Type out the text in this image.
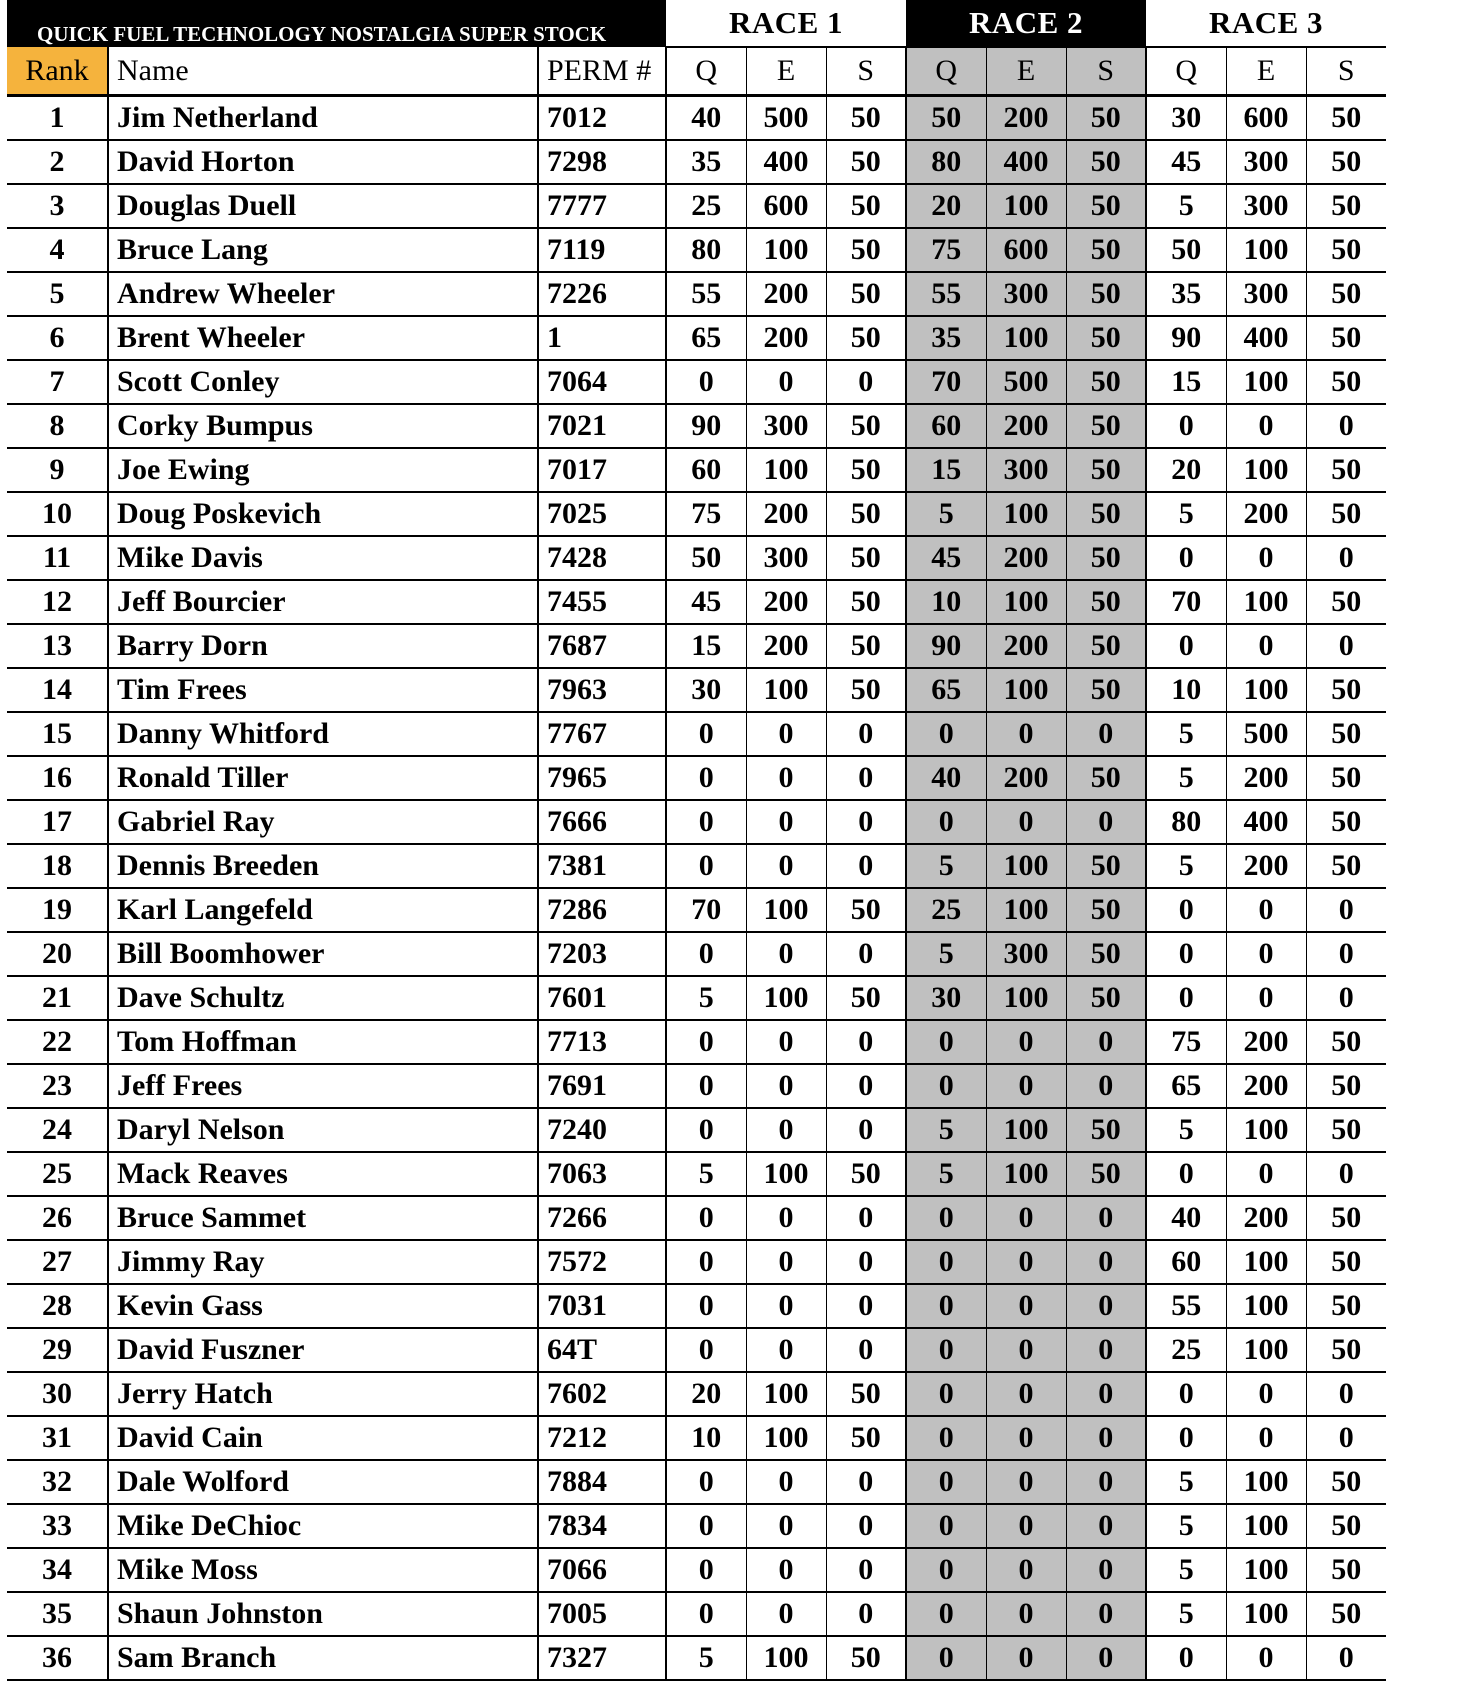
QUICK FUEL TECHNOLOGY NOSTALGIA SUPER STOCK			RACE 1			RACE 2			RACE 3		
Rank	Name	PERM #	Q	E	S	Q	E	S	Q	E	S
1	Jim Netherland	7012	40	500	50	50	200	50	30	600	50
2	David Horton	7298	35	400	50	80	400	50	45	300	50
3	Douglas Duell	7777	25	600	50	20	100	50	5	300	50
4	Bruce Lang	7119	80	100	50	75	600	50	50	100	50
5	Andrew Wheeler	7226	55	200	50	55	300	50	35	300	50
6	Brent Wheeler	1	65	200	50	35	100	50	90	400	50
7	Scott Conley	7064	0	0	0	70	500	50	15	100	50
8	Corky Bumpus	7021	90	300	50	60	200	50	0	0	0
9	Joe Ewing	7017	60	100	50	15	300	50	20	100	50
10	Doug Poskevich	7025	75	200	50	5	100	50	5	200	50
11	Mike Davis	7428	50	300	50	45	200	50	0	0	0
12	Jeff Bourcier	7455	45	200	50	10	100	50	70	100	50
13	Barry Dorn	7687	15	200	50	90	200	50	0	0	0
14	Tim Frees	7963	30	100	50	65	100	50	10	100	50
15	Danny Whitford	7767	0	0	0	0	0	0	5	500	50
16	Ronald Tiller	7965	0	0	0	40	200	50	5	200	50
17	Gabriel Ray	7666	0	0	0	0	0	0	80	400	50
18	Dennis Breeden	7381	0	0	0	5	100	50	5	200	50
19	Karl Langefeld	7286	70	100	50	25	100	50	0	0	0
20	Bill Boomhower	7203	0	0	0	5	300	50	0	0	0
21	Dave Schultz	7601	5	100	50	30	100	50	0	0	0
22	Tom Hoffman	7713	0	0	0	0	0	0	75	200	50
23	Jeff Frees	7691	0	0	0	0	0	0	65	200	50
24	Daryl Nelson	7240	0	0	0	5	100	50	5	100	50
25	Mack Reaves	7063	5	100	50	5	100	50	0	0	0
26	Bruce Sammet	7266	0	0	0	0	0	0	40	200	50
27	Jimmy Ray	7572	0	0	0	0	0	0	60	100	50
28	Kevin Gass	7031	0	0	0	0	0	0	55	100	50
29	David Fuszner	64T	0	0	0	0	0	0	25	100	50
30	Jerry Hatch	7602	20	100	50	0	0	0	0	0	0
31	David Cain	7212	10	100	50	0	0	0	0	0	0
32	Dale Wolford	7884	0	0	0	0	0	0	5	100	50
33	Mike DeChioc	7834	0	0	0	0	0	0	5	100	50
34	Mike Moss	7066	0	0	0	0	0	0	5	100	50
35	Shaun Johnston	7005	0	0	0	0	0	0	5	100	50
36	Sam Branch	7327	5	100	50	0	0	0	0	0	0
